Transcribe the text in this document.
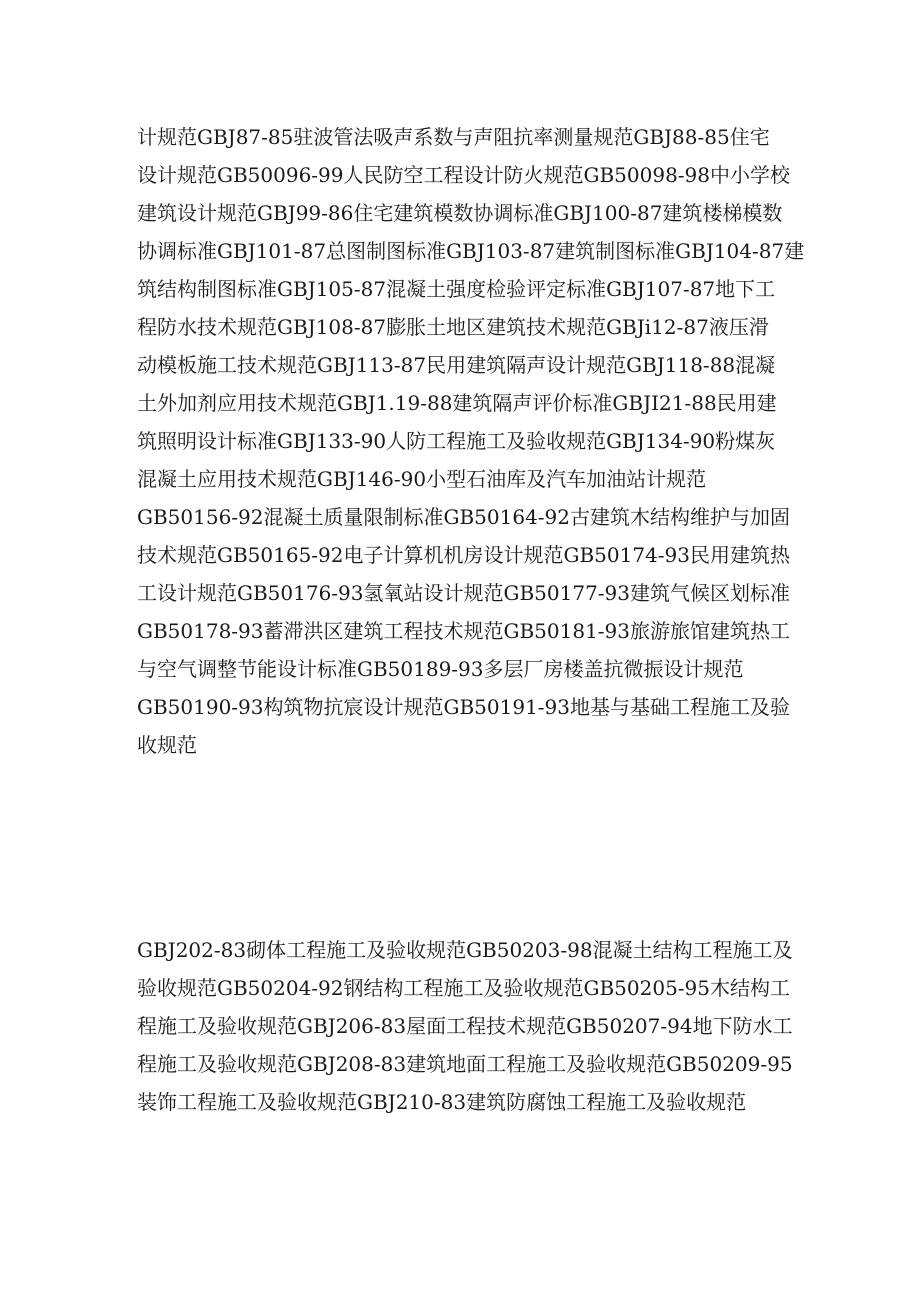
计规范GBJ87-85驻波管法吸声系数与声阻抗率测量规范GBJ88-85住宅
设计规范GB50096-99人民防空工程设计防火规范GB50098-98中小学校
建筑设计规范GBJ99-86住宅建筑模数协调标准GBJ100-87建筑楼梯模数
协调标准GBJ101-87总图制图标准GBJ103-87建筑制图标准GBJ104-87建
筑结构制图标准GBJ105-87混凝土强度检验评定标准GBJ107-87地下工
程防水技术规范GBJ108-87膨胀土地区建筑技术规范GBJi12-87液压滑
动模板施工技术规范GBJ113-87民用建筑隔声设计规范GBJ118-88混凝
土外加剂应用技术规范GBJ1.19-88建筑隔声评价标准GBJI21-88民用建
筑照明设计标准GBJ133-90人防工程施工及验收规范GBJ134-90粉煤灰
混凝土应用技术规范GBJ146-90小型石油库及汽车加油站计规范
GB50156-92混凝土质量限制标准GB50164-92古建筑木结构维护与加固
技术规范GB50165-92电子计算机机房设计规范GB50174-93民用建筑热
工设计规范GB50176-93氢氧站设计规范GB50177-93建筑气候区划标准
GB50178-93蓄滞洪区建筑工程技术规范GB50181-93旅游旅馆建筑热工
与空气调整节能设计标准GB50189-93多层厂房楼盖抗微振设计规范
GB50190-93构筑物抗宸设计规范GB50191-93地基与基础工程施工及验
收规范
GBJ202-83砌体工程施工及验收规范GB50203-98混凝土结构工程施工及
验收规范GB50204-92钢结构工程施工及验收规范GB50205-95木结构工
程施工及验收规范GBJ206-83屋面工程技术规范GB50207-94地下防水工
程施工及验收规范GBJ208-83建筑地面工程施工及验收规范GB50209-95
装饰工程施工及验收规范GBJ210-83建筑防腐蚀工程施工及验收规范
